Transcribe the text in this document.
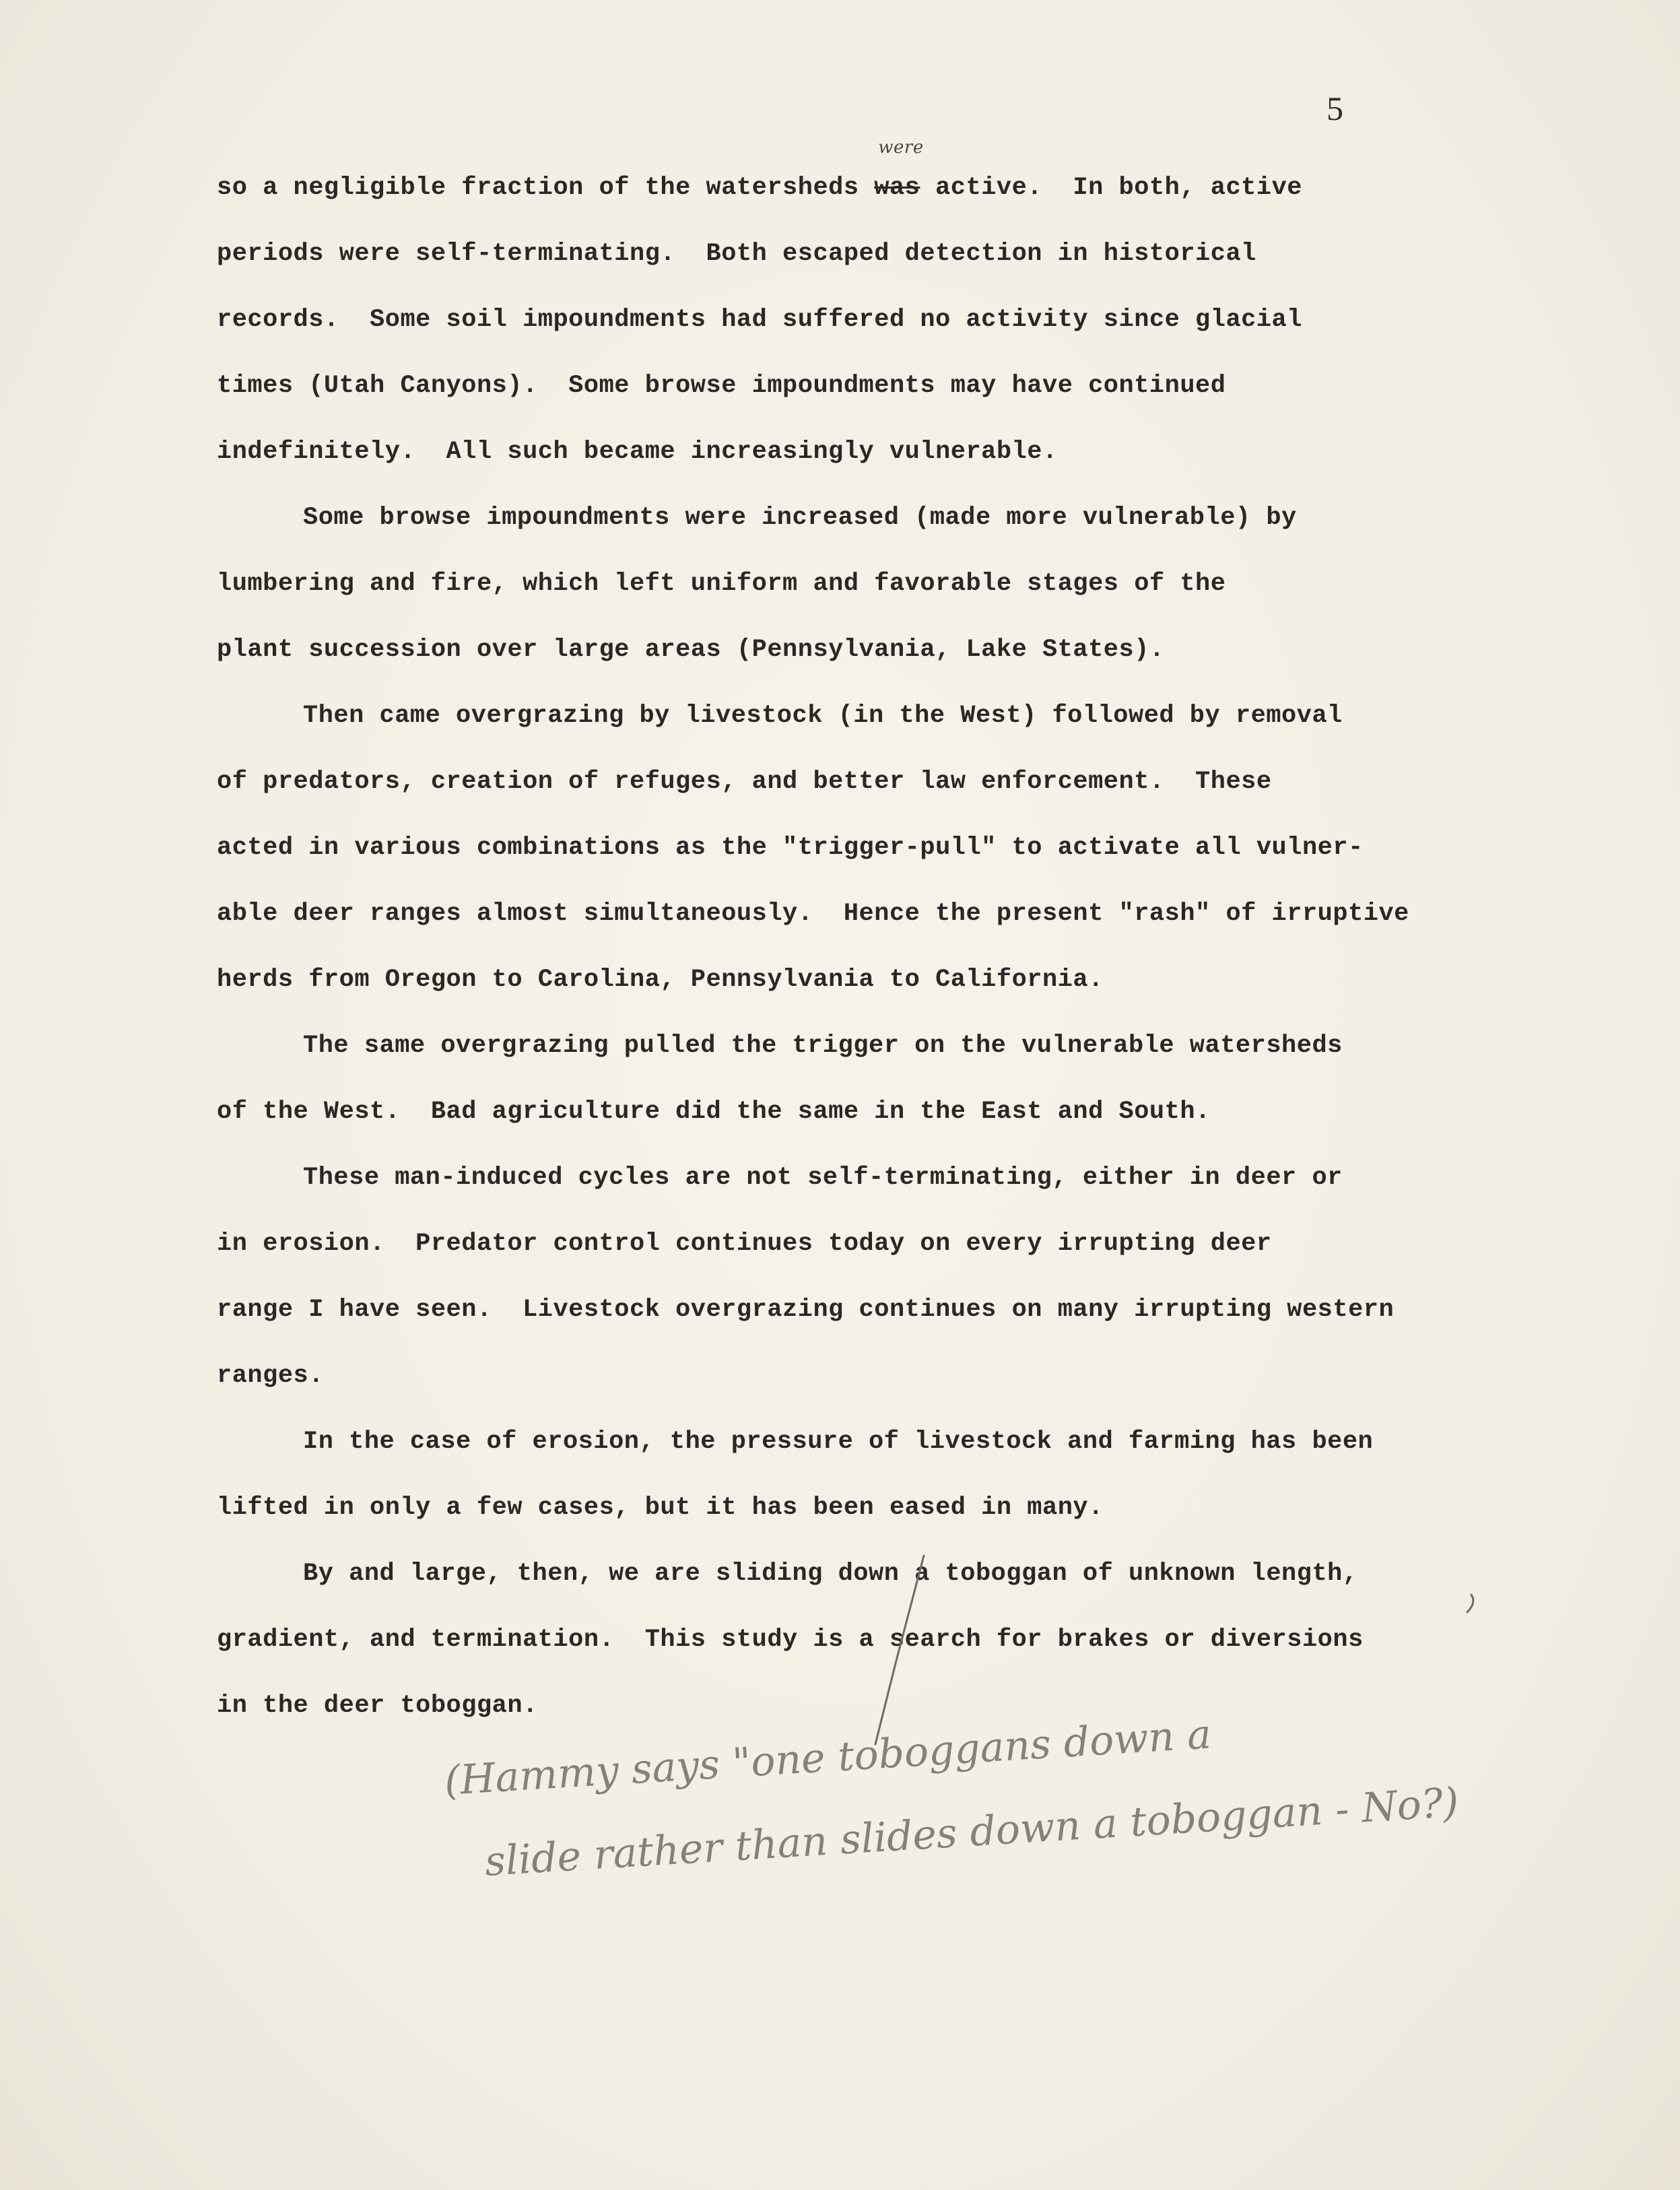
5
so a negligible fraction of the watersheds
were
was active.  In both, active
periods were self-terminating.  Both escaped detection in historical
records.  Some soil impoundments had suffered no activity since glacial
times (Utah Canyons).  Some browse impoundments may have continued
indefinitely.  All such became increasingly vulnerable.
Some browse impoundments were increased (made more vulnerable) by
lumbering and fire, which left uniform and favorable stages of the
plant succession over large areas (Pennsylvania, Lake States).
Then came overgrazing by livestock (in the West) followed by removal
of predators, creation of refuges, and better law enforcement.  These
acted in various combinations as the "trigger-pull" to activate all vulner-
able deer ranges almost simultaneously.  Hence the present "rash" of irruptive
herds from Oregon to Carolina, Pennsylvania to California.
The same overgrazing pulled the trigger on the vulnerable watersheds
of the West.  Bad agriculture did the same in the East and South.
These man-induced cycles are not self-terminating, either in deer or
in erosion.  Predator control continues today on every irrupting deer
range I have seen.  Livestock overgrazing continues on many irrupting western
ranges.
In the case of erosion, the pressure of livestock and farming has been
lifted in only a few cases, but it has been eased in many.
By and large, then, we are sliding down a toboggan of unknown length,
gradient, and termination.  This study is a search for brakes or diversions
in the deer toboggan.
(Hammy says "one toboggans down a
slide rather than slides down a toboggan - No?)
